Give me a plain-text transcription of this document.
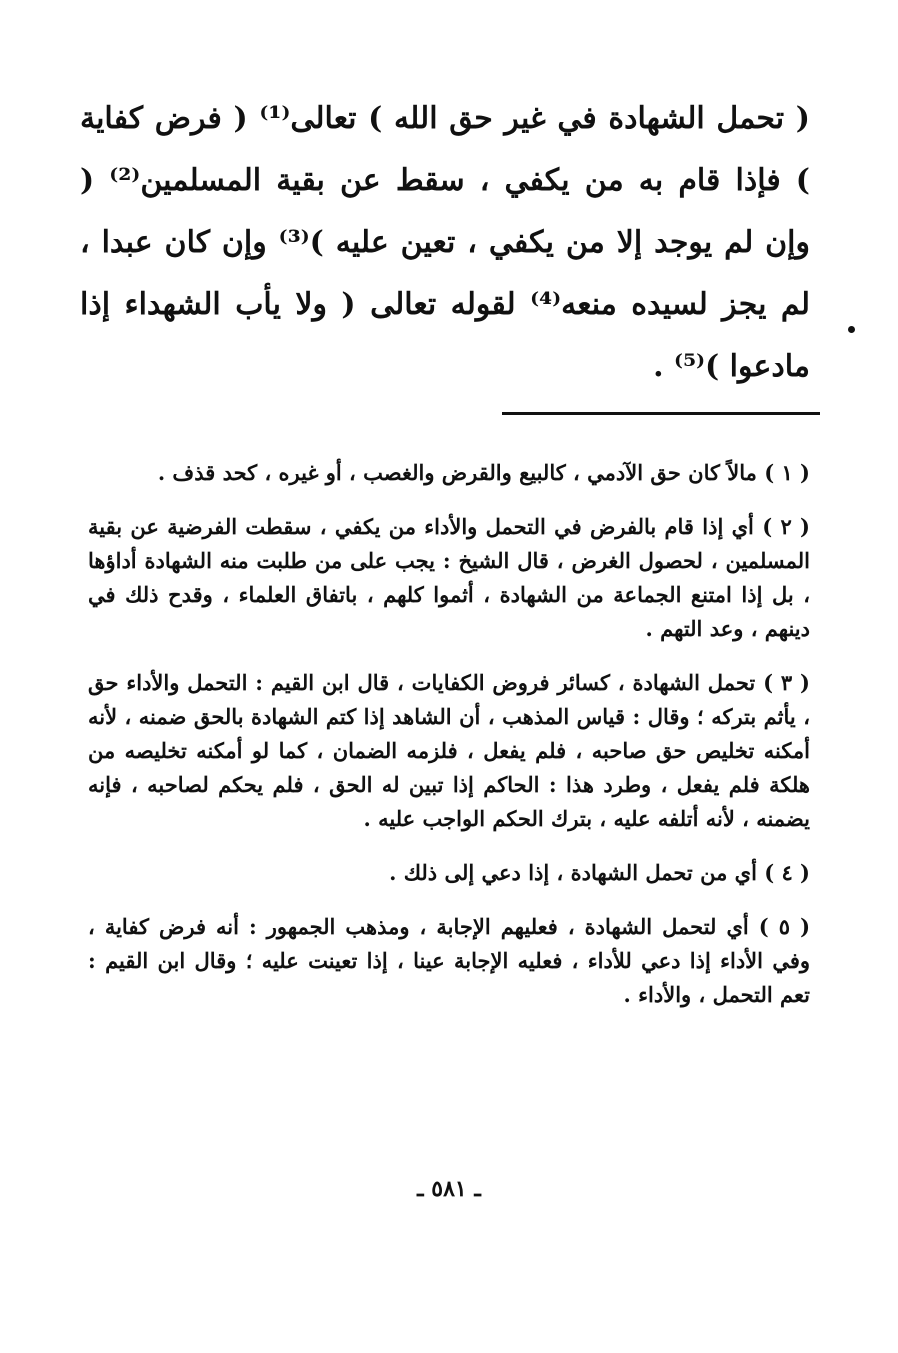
( تحمل الشهادة في غير حق الله ) تعالى⁽¹⁾ ( فرض كفاية ) فإذا قام به من يكفي ، سقط عن بقية المسلمين⁽²⁾ ( وإن لم يوجد إلا من يكفي ، تعين عليه )⁽³⁾ وإن كان عبدا ، لم يجز لسيده منعه⁽⁴⁾ لقوله تعالى ( ولا يأب الشهداء إذا مادعوا )⁽⁵⁾ .

( ١ ) مالاً كان حق الآدمي ، كالبيع والقرض والغصب ، أو غيره ، كحد قذف .

( ٢ ) أي إذا قام بالفرض في التحمل والأداء من يكفي ، سقطت الفرضية عن بقية المسلمين ، لحصول الغرض ، قال الشيخ : يجب على من طلبت منه الشهادة أداؤها ، بل إذا امتنع الجماعة من الشهادة ، أثموا كلهم ، باتفاق العلماء ، وقدح ذلك في دينهم ، وعد التهم .

( ٣ ) تحمل الشهادة ، كسائر فروض الكفايات ، قال ابن القيم : التحمل والأداء حق ، يأثم بتركه ؛ وقال : قياس المذهب ، أن الشاهد إذا كتم الشهادة بالحق ضمنه ، لأنه أمكنه تخليص حق صاحبه ، فلم يفعل ، فلزمه الضمان ، كما لو أمكنه تخليصه من هلكة فلم يفعل ، وطرد هذا : الحاكم إذا تبين له الحق ، فلم يحكم لصاحبه ، فإنه يضمنه ، لأنه أتلفه عليه ، بترك الحكم الواجب عليه .

( ٤ ) أي من تحمل الشهادة ، إذا دعي إلى ذلك .

( ٥ ) أي لتحمل الشهادة ، فعليهم الإجابة ، ومذهب الجمهور : أنه فرض كفاية ، وفي الأداء إذا دعي للأداء ، فعليه الإجابة عينا ، إذا تعينت عليه ؛ وقال ابن القيم : تعم التحمل ، والأداء .

ـ ٥٨١ ـ
